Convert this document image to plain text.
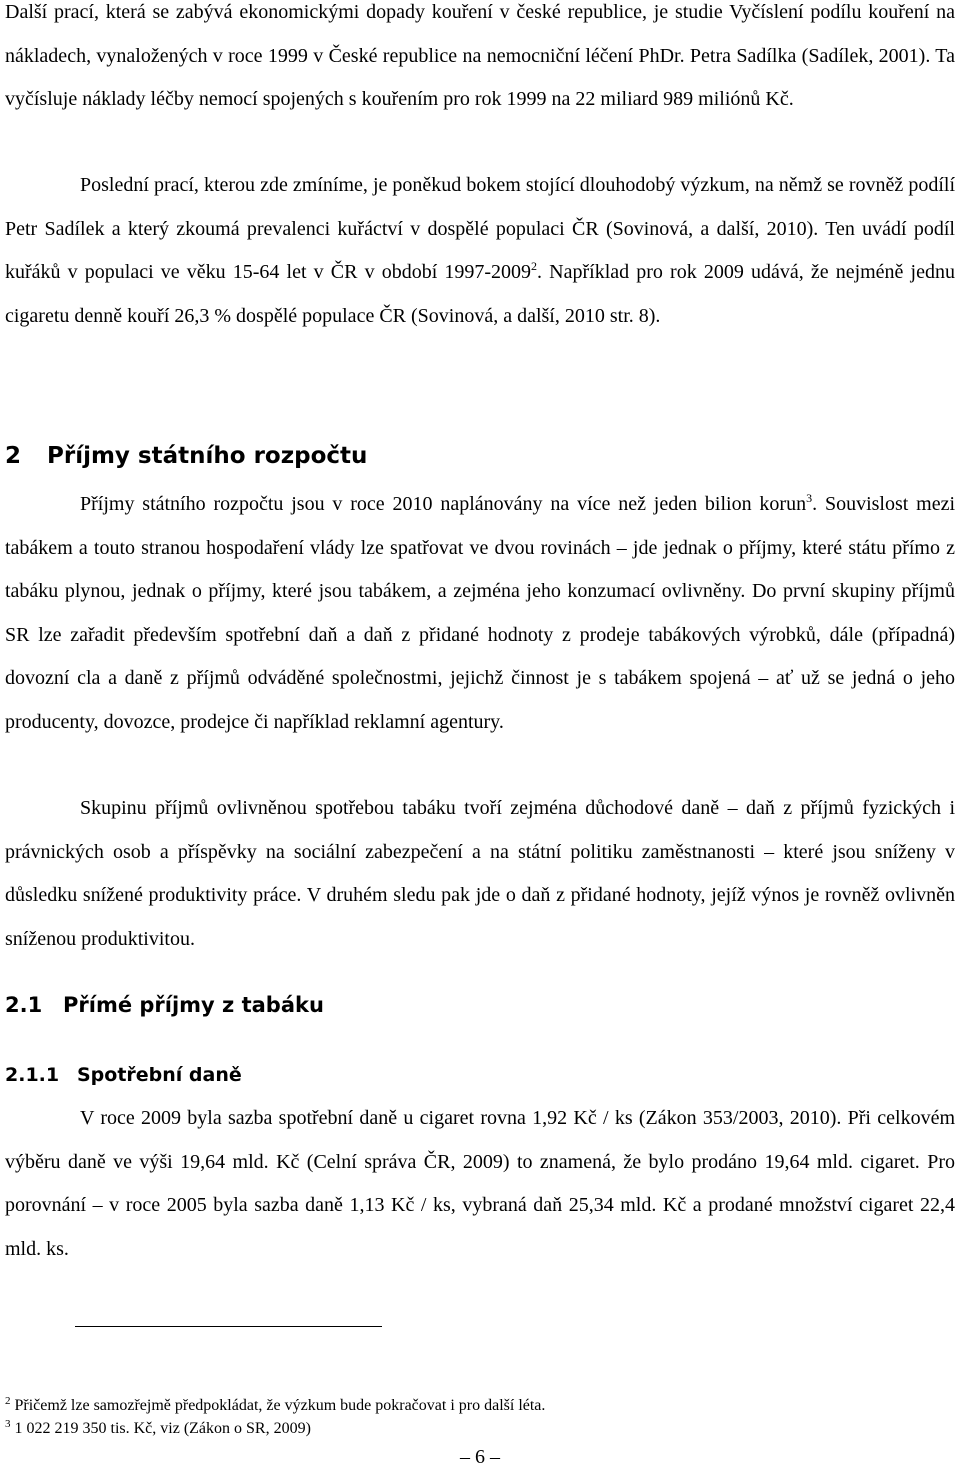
Další prací, která se zabývá ekonomickými dopady kouření v české republice, je studie Vyčíslení podílu kouření na nákladech, vynaložených v roce 1999 v České republice na nemocniční léčení PhDr. Petra Sadílka (Sadílek, 2001). Ta vyčísluje náklady léčby nemocí spojených s kouřením pro rok 1999 na 22 miliard 989 miliónů Kč.

Poslední prací, kterou zde zmíníme, je poněkud bokem stojící dlouhodobý výzkum, na němž se rovněž podílí Petr Sadílek a který zkoumá prevalenci kuřáctví v dospělé populaci ČR (Sovinová, a další, 2010). Ten uvádí podíl kuřáků v populaci ve věku 15-64 let v ČR v období 1997-2009$^2$. Například pro rok 2009 udává, že nejméně jednu cigaretu denně kouří 26,3 % dospělé populace ČR (Sovinová, a další, 2010 str. 8).

2 Příjmy státního rozpočtu

Příjmy státního rozpočtu jsou v roce 2010 naplánovány na více než jeden bilion korun$^3$. Souvislost mezi tabákem a touto stranou hospodaření vlády lze spatřovat ve dvou rovinách – jde jednak o příjmy, které státu přímo z tabáku plynou, jednak o příjmy, které jsou tabákem, a zejména jeho konzumací ovlivněny. Do první skupiny příjmů SR lze zařadit především spotřební daň a daň z přidané hodnoty z prodeje tabákových výrobků, dále (případná) dovozní cla a daně z příjmů odváděné společnostmi, jejichž činnost je s tabákem spojená – ať už se jedná o jeho producenty, dovozce, prodejce či například reklamní agentury.

Skupinu příjmů ovlivněnou spotřebou tabáku tvoří zejména důchodové daně – daň z příjmů fyzických i právnických osob a příspěvky na sociální zabezpečení a na státní politiku zaměstnanosti – které jsou sníženy v důsledku snížené produktivity práce. V druhém sledu pak jde o daň z přidané hodnoty, jejíž výnos je rovněž ovlivněn sníženou produktivitou.

2.1 Přímé příjmy z tabáku
2.1.1 Spotřební daně

V roce 2009 byla sazba spotřební daně u cigaret rovna 1,92 Kč / ks (Zákon 353/2003, 2010). Při celkovém výběru daně ve výši 19,64 mld. Kč (Celní správa ČR, 2009) to znamená, že bylo prodáno 19,64 mld. cigaret. Pro porovnání – v roce 2005 byla sazba daně 1,13 Kč / ks, vybraná daň 25,34 mld. Kč a prodané množství cigaret 22,4 mld. ks.

$^2$ Přičemž lze samozřejmě předpokládat, že výzkum bude pokračovat i pro další léta.

$^3$ 1 022 219 350 tis. Kč, viz (Zákon o SR, 2009)

– 6 –
